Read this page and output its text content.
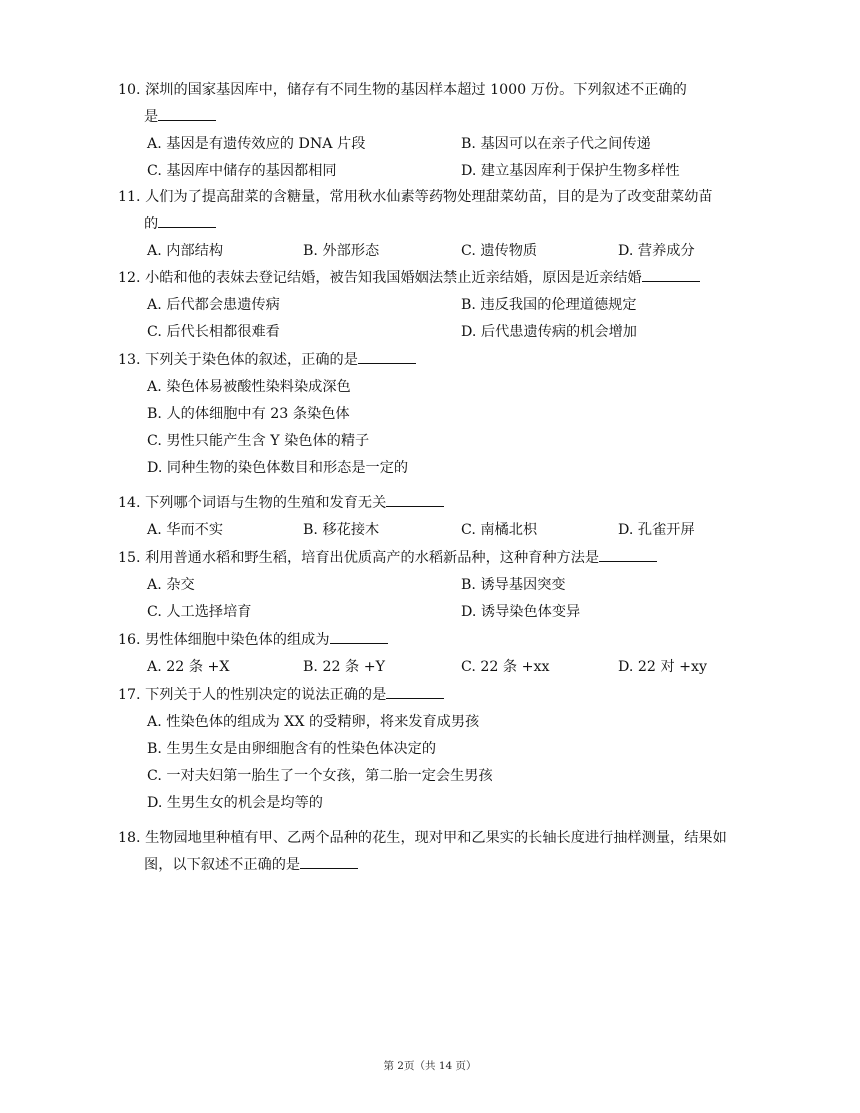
10. 深圳的国家基因库中，储存有不同生物的基因样本超过 1000 万份。下列叙述不正确的
是
A. 基因是有遗传效应的 DNA 片段	B. 基因可以在亲子代之间传递
C. 基因库中储存的基因都相同	D. 建立基因库利于保护生物多样性
11. 人们为了提高甜菜的含糖量，常用秋水仙素等药物处理甜菜幼苗，目的是为了改变甜菜幼苗
的
A. 内部结构	B. 外部形态	C. 遗传物质	D. 营养成分
12. 小皓和他的表妹去登记结婚，被告知我国婚姻法禁止近亲结婚，原因是近亲结婚
A. 后代都会患遗传病	B. 违反我国的伦理道德规定
C. 后代长相都很难看	D. 后代患遗传病的机会增加
13. 下列关于染色体的叙述，正确的是
A. 染色体易被酸性染料染成深色
B. 人的体细胞中有 23 条染色体
C. 男性只能产生含 Y 染色体的精子
D. 同种生物的染色体数目和形态是一定的
14. 下列哪个词语与生物的生殖和发育无关
A. 华而不实	B. 移花接木	C. 南橘北枳	D. 孔雀开屏
15. 利用普通水稻和野生稻，培育出优质高产的水稻新品种，这种育种方法是
A. 杂交	B. 诱导基因突变
C. 人工选择培育	D. 诱导染色体变异
16. 男性体细胞中染色体的组成为
A. 22 条 +X	B. 22 条 +Y	C. 22 条 +xx	D. 22 对 +xy
17. 下列关于人的性别决定的说法正确的是
A. 性染色体的组成为 XX 的受精卵，将来发育成男孩
B. 生男生女是由卵细胞含有的性染色体决定的
C. 一对夫妇第一胎生了一个女孩，第二胎一定会生男孩
D. 生男生女的机会是均等的
18. 生物园地里种植有甲、乙两个品种的花生，现对甲和乙果实的长轴长度进行抽样测量，结果如
图，以下叙述不正确的是
第 2页（共 14 页）
